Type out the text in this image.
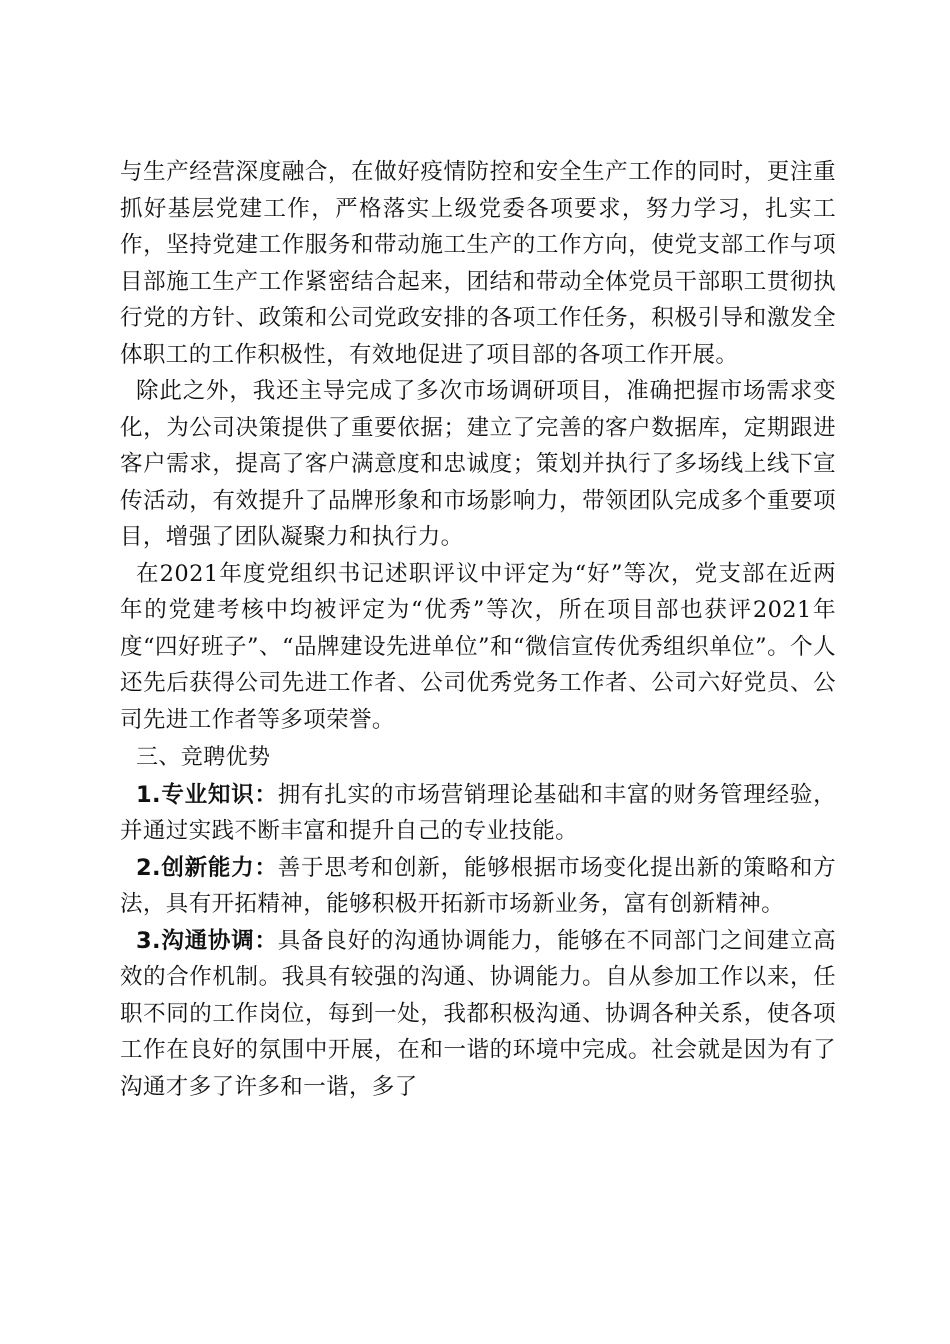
与生产经营深度融合，在做好疫情防控和安全生产工作的同时，更注重抓好基层党建工作，严格落实上级党委各项要求，努力学习，扎实工作，坚持党建工作服务和带动施工生产的工作方向，使党支部工作与项目部施工生产工作紧密结合起来，团结和带动全体党员干部职工贯彻执行党的方针、政策和公司党政安排的各项工作任务，积极引导和激发全体职工的工作积极性，有效地促进了项目部的各项工作开展。

除此之外，我还主导完成了多次市场调研项目，准确把握市场需求变化，为公司决策提供了重要依据；建立了完善的客户数据库，定期跟进客户需求，提高了客户满意度和忠诚度；策划并执行了多场线上线下宣传活动，有效提升了品牌形象和市场影响力，带领团队完成多个重要项目，增强了团队凝聚力和执行力。

在2021年度党组织书记述职评议中评定为“好”等次，党支部在近两年的党建考核中均被评定为“优秀”等次，所在项目部也获评2021年度“四好班子”、“品牌建设先进单位”和“微信宣传优秀组织单位”。个人还先后获得公司先进工作者、公司优秀党务工作者、公司六好党员、公司先进工作者等多项荣誉。

三、竞聘优势

1.专业知识：拥有扎实的市场营销理论基础和丰富的财务管理经验，并通过实践不断丰富和提升自己的专业技能。

2.创新能力：善于思考和创新，能够根据市场变化提出新的策略和方法，具有开拓精神，能够积极开拓新市场新业务，富有创新精神。

3.沟通协调：具备良好的沟通协调能力，能够在不同部门之间建立高效的合作机制。我具有较强的沟通、协调能力。自从参加工作以来，任职不同的工作岗位，每到一处，我都积极沟通、协调各种关系，使各项工作在良好的氛围中开展，在和一谐的环境中完成。社会就是因为有了沟通才多了许多和一谐，多了
